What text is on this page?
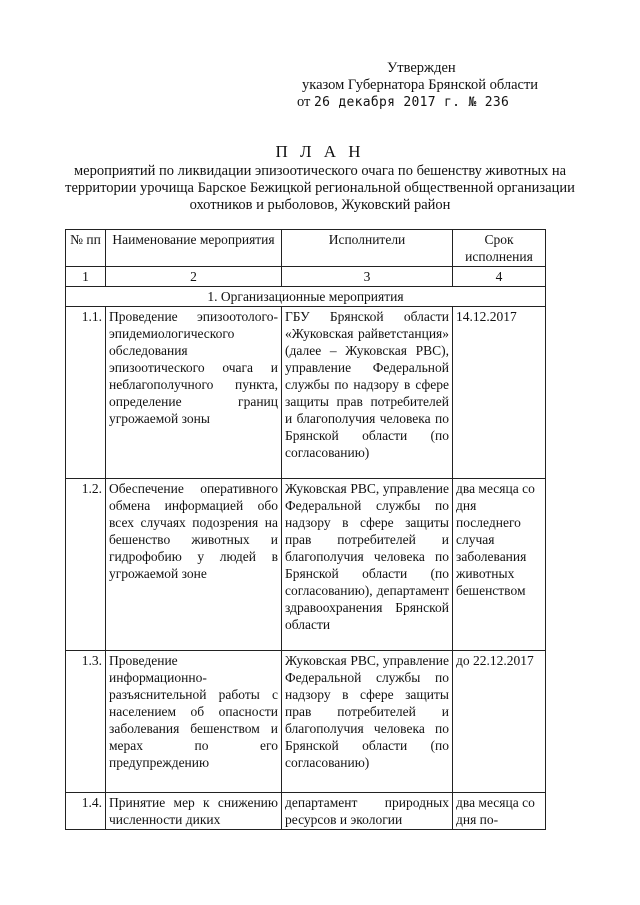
Утвержден
указом Губернатора Брянской области
от 26 декабря 2017 г. № 236
П Л А Н
мероприятий по ликвидации эпизоотического очага по бешенству животных на территории урочища Барское Бежицкой региональной общественной организации охотников и рыболовов, Жуковский район
№ пп	Наименование мероприятия	Исполнители	Срок исполнения
1	2	3	4
1. Организационные мероприятия			
1.1.	Проведение эпизоотолого-эпидемиологического обследования эпизоотического очага и неблагополучного пункта, определение границ угрожаемой зоны	ГБУ Брянской области «Жуковская райветстанция» (далее – Жуковская РВС), управление Федеральной службы по надзору в сфере защиты прав потребителей и благополучия человека по Брянской области (по согласованию)	14.12.2017
1.2.	Обеспечение оперативного обмена информацией обо всех случаях подозрения на бешенство животных и гидрофобию у людей в угрожаемой зоне	Жуковская РВС, управление Федеральной службы по надзору в сфере защиты прав потребителей и благополучия человека по Брянской области (по согласованию), департамент здравоохранения Брянской области	два месяца со дня последнего случая заболевания животных бешенством
1.3.	Проведение информационно-разъяснительной работы с населением об опасности заболевания бешенством и мерах по его предупреждению	Жуковская РВС, управление Федеральной службы по надзору в сфере защиты прав потребителей и благополучия человека по Брянской области (по согласованию)	до 22.12.2017
1.4.	Принятие мер к снижению численности диких	департамент природных ресурсов и экологии	два месяца со дня по-
